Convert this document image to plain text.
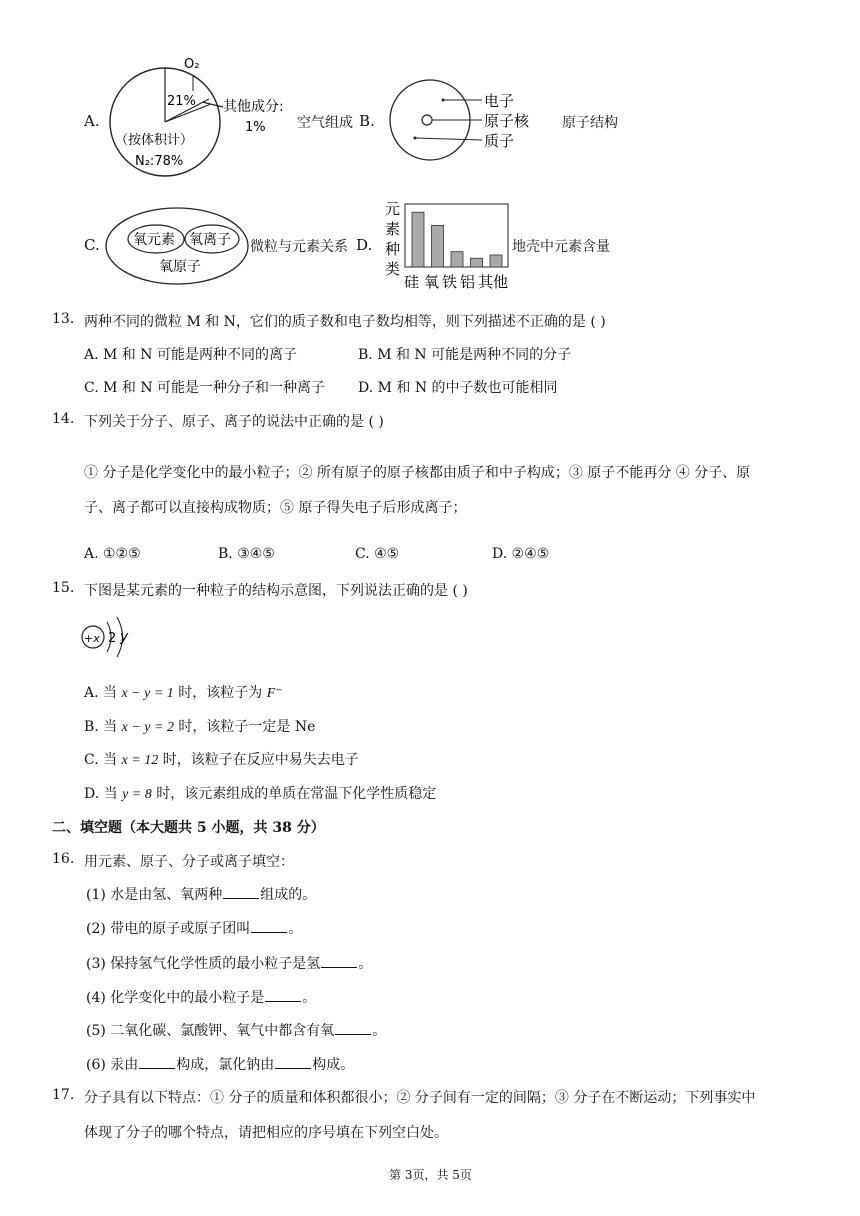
A.
O₂
21% 其他成分:
1%
（按体积计）
N₂:78%
空气组成 B.
电子
原子核
质子
原子结构
C. 氧元素 氧离子
氧原子
微粒与元素关系 D.
元
素
种
类
硅 氧 铁 铝 其他
地壳中元素含量
13. 两种不同的微粒 M 和 N，它们的质子数和电子数均相等，则下列描述不正确的是 ( )
A. M 和 N 可能是两种不同的离子	B. M 和 N 可能是两种不同的分子
C. M 和 N 可能是一种分子和一种离子 D. M 和 N 的中子数也可能相同
14. 下列关于分子、原子、离子的说法中正确的是 ( )
① 分子是化学变化中的最小粒子；② 所有原子的原子核都由质子和中子构成；③ 原子不能再分 ④ 分子、原
子、离子都可以直接构成物质；⑤ 原子得失电子后形成离子；
A. ①②⑤	B. ③④⑤	C. ④⑤	D. ②④⑤
15. 下图是某元素的一种粒子的结构示意图，下列说法正确的是 ( )
+x 2 y
A. 当 x − y = 1 时，该粒子为 F⁻
B. 当 x − y = 2 时，该粒子一定是 Ne
C. 当 x = 12 时，该粒子在反应中易失去电子
D. 当 y = 8 时，该元素组成的单质在常温下化学性质稳定
二、填空题（本大题共 5 小题，共 38 分）
16. 用元素、原子、分子或离子填空：
(1) 水是由氢、氧两种	组成的。
(2) 带电的原子或原子团叫	。
(3) 保持氢气化学性质的最小粒子是氢	。
(4) 化学变化中的最小粒子是	。
(5) 二氧化碳、氯酸钾、氧气中都含有氧	。
(6) 汞由	构成，氯化钠由	构成。
17. 分子具有以下特点：① 分子的质量和体积都很小；② 分子间有一定的间隔；③ 分子在不断运动；下列事实中
体现了分子的哪个特点，请把相应的序号填在下列空白处。
第 3页，共 5页
